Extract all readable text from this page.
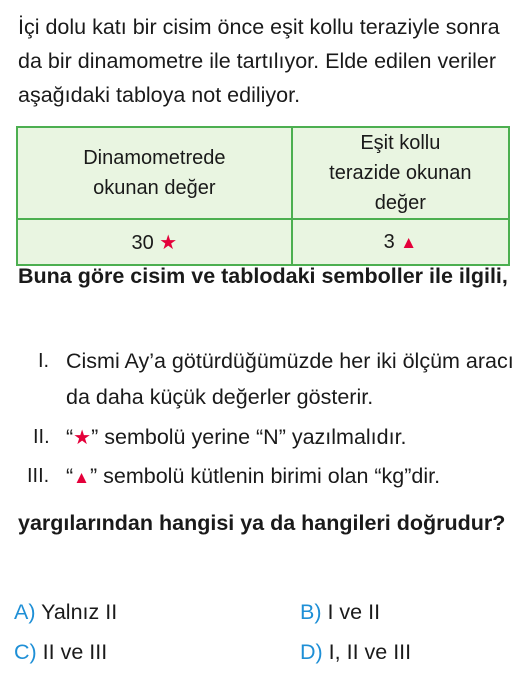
İçi dolu katı bir cisim önce eşit kollu teraziyle sonra da bir dinamometre ile tartılıyor. Elde edilen veriler aşağıdaki tabloya not ediliyor.

Dinamometrede okunan değer	Eşit kollu terazide okunan değer
30 ★	3 ▲

Buna göre cisim ve tablodaki semboller ile ilgili,

I. Cismi Ay’a götürdüğümüzde her iki ölçüm aracı da daha küçük değerler gösterir.
II. “★” sembolü yerine “N” yazılmalıdır.
III. “▲” sembolü kütlenin birimi olan “kg”dir.

yargılarından hangisi ya da hangileri doğrudur?

A) Yalnız II	B) I ve II
C) II ve III	D) I, II ve III
